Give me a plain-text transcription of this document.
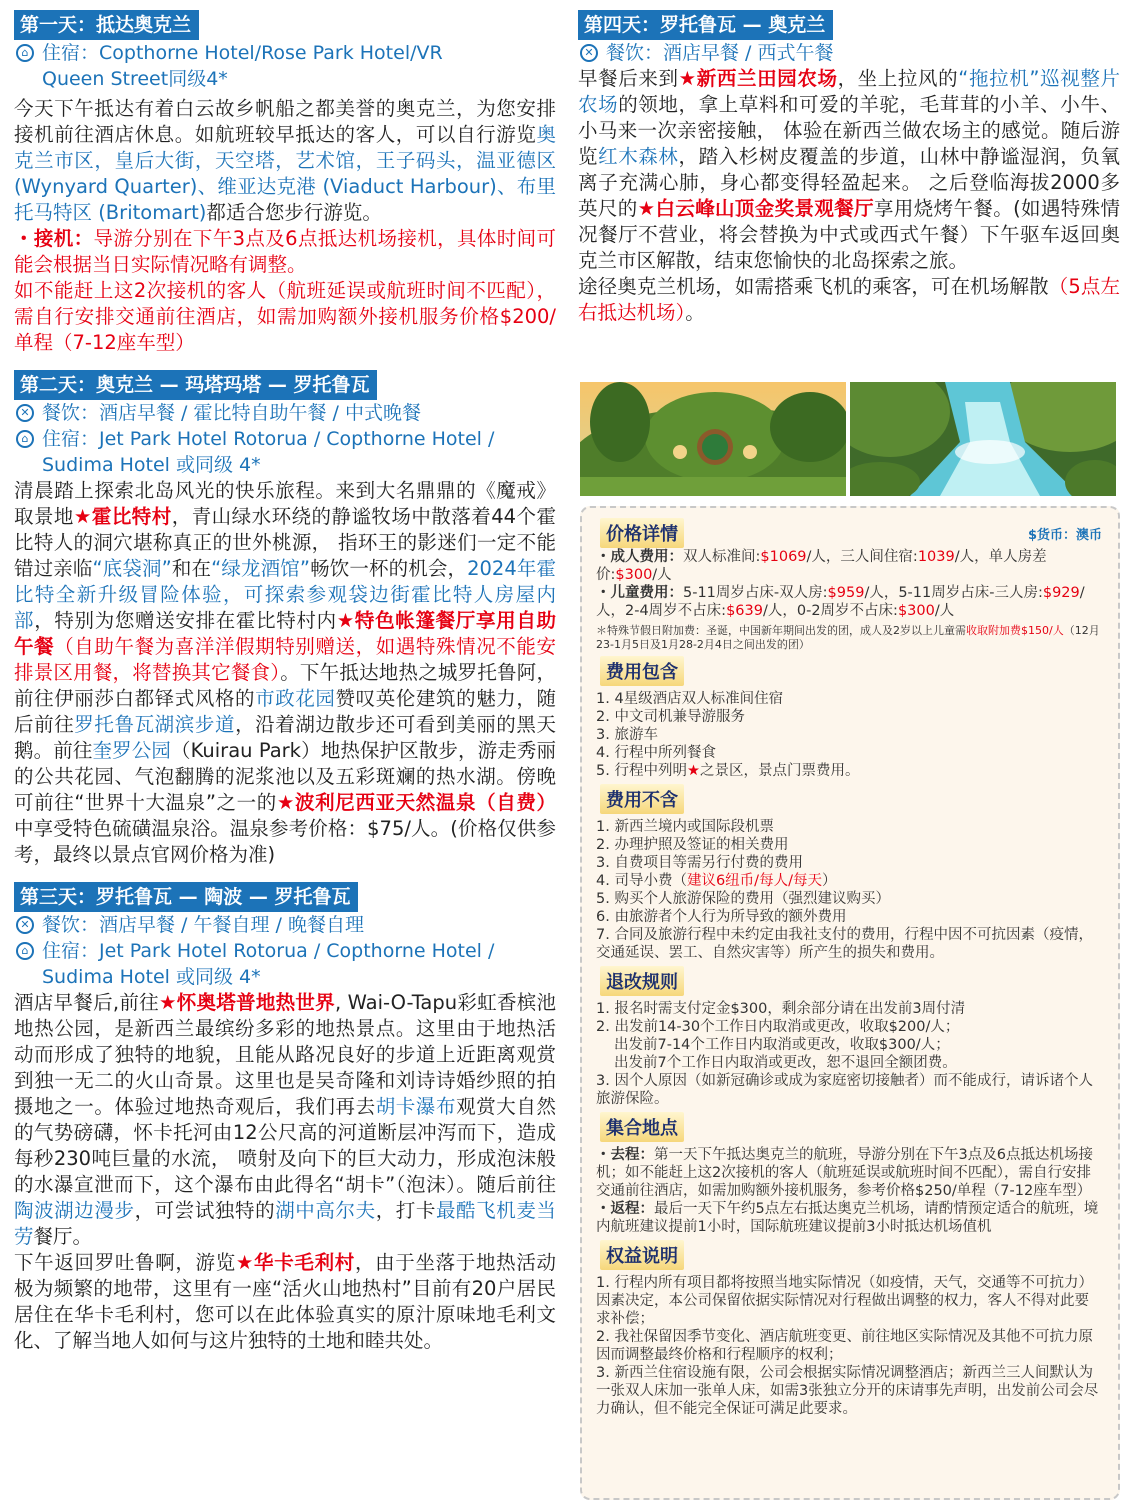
第一天：抵达奥克兰
⌂ 住宿：Copthorne Hotel/Rose Park Hotel/VR
Queen Street同级4*

今天下午抵达有着白云故乡帆船之都美誉的奥克兰，为您安排接机前往酒店休息。如航班较早抵达的客人，可以自行游览奥克兰市区，皇后大街，天空塔，艺术馆，王子码头，温亚德区 (Wynyard Quarter)、维亚达克港 (Viaduct Harbour)、布里托马特区 (Britomart)都适合您步行游览。

・接机：导游分别在下午3点及6点抵达机场接机，具体时间可能会根据当日实际情况略有调整。

如不能赶上这2次接机的客人（航班延误或航班时间不匹配），需自行安排交通前往酒店，如需加购额外接机服务价格$200/单程（7-12座车型）

第二天：奥克兰 — 玛塔玛塔 — 罗托鲁瓦
✕ 餐饮：酒店早餐 / 霍比特自助午餐 / 中式晚餐
⌂ 住宿：Jet Park Hotel Rotorua / Copthorne Hotel /
Sudima Hotel 或同级 4*

清晨踏上探索北岛风光的快乐旅程。来到大名鼎鼎的《魔戒》取景地★霍比特村，青山绿水环绕的静谧牧场中散落着44个霍比特人的洞穴堪称真正的世外桃源， 指环王的影迷们一定不能错过亲临“底袋洞”和在“绿龙酒馆”畅饮一杯的机会，2024年霍比特全新升级冒险体验，可探索参观袋边街霍比特人房屋内部，特别为您赠送安排在霍比特村内★特色帐篷餐厅享用自助午餐（自助午餐为喜洋洋假期特别赠送，如遇特殊情况不能安排景区用餐，将替换其它餐食）。下午抵达地热之城罗托鲁阿，前往伊丽莎白都铎式风格的市政花园赞叹英伦建筑的魅力，随后前往罗托鲁瓦湖滨步道，沿着湖边散步还可看到美丽的黑天鹅。前往奎罗公园（Kuirau Park）地热保护区散步，游走秀丽的公共花园、气泡翻腾的泥浆池以及五彩斑斓的热水湖。傍晚可前往“世界十大温泉”之一的★波利尼西亚天然温泉（自费） 中享受特色硫磺温泉浴。温泉参考价格：$75/人。(价格仅供参考，最终以景点官网价格为准)

第三天：罗托鲁瓦 — 陶波 — 罗托鲁瓦
✕ 餐饮：酒店早餐 / 午餐自理 / 晚餐自理
⌂ 住宿：Jet Park Hotel Rotorua / Copthorne Hotel /
Sudima Hotel 或同级 4*

酒店早餐后,前往★怀奥塔普地热世界, Wai-O-Tapu彩虹香槟池地热公园，是新西兰最缤纷多彩的地热景点。这里由于地热活动而形成了独特的地貌，且能从路况良好的步道上近距离观赏到独一无二的火山奇景。这里也是吴奇隆和刘诗诗婚纱照的拍摄地之一。体验过地热奇观后，我们再去胡卡瀑布观赏大自然的气势磅礴，怀卡托河由12公尺高的河道断层冲泻而下，造成每秒230吨巨量的水流， 喷射及向下的巨大动力，形成泡沫般的水瀑宣泄而下，这个瀑布由此得名“胡卡”（泡沫）。随后前往陶波湖边漫步，可尝试独特的湖中高尔夫，打卡最酷飞机麦当劳餐厅。

下午返回罗吐鲁啊，游览★华卡毛利村，由于坐落于地热活动极为频繁的地带，这里有一座“活火山地热村”目前有20户居民居住在华卡毛利村，您可以在此体验真实的原汁原味地毛利文化、了解当地人如何与这片独特的土地和睦共处。

第四天：罗托鲁瓦 — 奥克兰
✕ 餐饮：酒店早餐 / 西式午餐

早餐后来到★新西兰田园农场，坐上拉风的“拖拉机”巡视整片农场的领地，拿上草料和可爱的羊驼，毛茸茸的小羊、小牛、小马来一次亲密接触， 体验在新西兰做农场主的感觉。随后游览红木森林，踏入杉树皮覆盖的步道，山林中静谧湿润，负氧离子充满心肺，身心都变得轻盈起来。 之后登临海拔2000多英尺的★白云峰山顶金奖景观餐厅享用烧烤午餐。(如遇特殊情况餐厅不营业，将会替换为中式或西式午餐）下午驱车返回奥克兰市区解散，结束您愉快的北岛探索之旅。

途径奥克兰机场，如需搭乘飞机的乘客，可在机场解散（5点左右抵达机场）。

价格详情	$货币：澳币
・成人费用：双人标准间:$1069/人，三人间住宿:1039/人，单人房差价:$300/人
・儿童费用：5-11周岁占床-双人房:$959/人，5-11周岁占床-三人房:$929/人，2-4周岁不占床:$639/人，0-2周岁不占床:$300/人
＊特殊节假日附加费：圣诞，中国新年期间出发的团，成人及2岁以上儿童需收取附加费$150/人（12月23-1月5日及1月28-2月4日之间出发的团）
费用包含
1. 4星级酒店双人标准间住宿
2. 中文司机兼导游服务
3. 旅游车
4. 行程中所列餐食
5. 行程中列明★之景区，景点门票费用。
费用不含
1. 新西兰境内或国际段机票
2. 办理护照及签证的相关费用
3. 自费项目等需另行付费的费用
4. 司导小费（建议6纽币/每人/每天）
5. 购买个人旅游保险的费用（强烈建议购买）
6. 由旅游者个人行为所导致的额外费用
7. 合同及旅游行程中未约定由我社支付的费用，行程中因不可抗因素（疫情，交通延误、罢工、自然灾害等）所产生的损失和费用。
退改规则
1. 报名时需支付定金$300，剩余部分请在出发前3周付清
2. 出发前14-30个工作日内取消或更改，收取$200/人；
出发前7-14个工作日内取消或更改，收取$300/人；
出发前7个工作日内取消或更改，恕不退回全额团费。
3. 因个人原因（如新冠确诊或成为家庭密切接触者）而不能成行，请诉诸个人旅游保险。
集合地点
・去程：第一天下午抵达奥克兰的航班，导游分别在下午3点及6点抵达机场接机；如不能赶上这2次接机的客人（航班延误或航班时间不匹配），需自行安排交通前往酒店，如需加购额外接机服务，参考价格$250/单程（7-12座车型）
・返程：最后一天下午约5点左右抵达奥克兰机场，请酌情预定适合的航班，境内航班建议提前1小时，国际航班建议提前3小时抵达机场值机
权益说明
1. 行程内所有项目都将按照当地实际情况（如疫情，天气，交通等不可抗力）因素决定，本公司保留依据实际情况对行程做出调整的权力，客人不得对此要求补偿；
2. 我社保留因季节变化、酒店航班变更、前往地区实际情况及其他不可抗力原因而调整最终价格和行程顺序的权利；
3. 新西兰住宿设施有限，公司会根据实际情况调整酒店；新西兰三人间默认为一张双人床加一张单人床，如需3张独立分开的床请事先声明，出发前公司会尽力确认，但不能完全保证可满足此要求。
